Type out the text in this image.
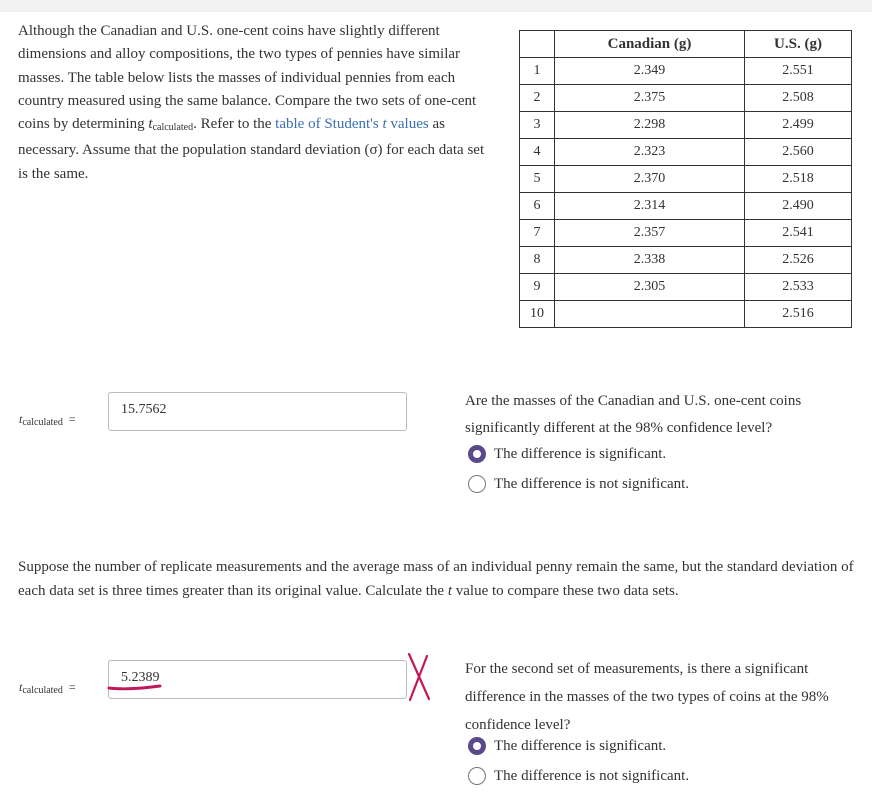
Although the Canadian and U.S. one-cent coins have slightly different dimensions and alloy compositions, the two types of pennies have similar masses. The table below lists the masses of individual pennies from each country measured using the same balance. Compare the two sets of one-cent coins by determining $t_{calculated}$. Refer to the table of Student's t values as necessary. Assume that the population standard deviation (σ) for each data set is the same.
	Canadian (g)	U.S. (g)
1	2.349	2.551
2	2.375	2.508
3	2.298	2.499
4	2.323	2.560
5	2.370	2.518
6	2.314	2.490
7	2.357	2.541
8	2.338	2.526
9	2.305	2.533
10		2.516
$t_{calculated}$ =
15.7562
Are the masses of the Canadian and U.S. one-cent coins significantly different at the 98% confidence level?
The difference is significant.
The difference is not significant.
Suppose the number of replicate measurements and the average mass of an individual penny remain the same, but the standard deviation of each data set is three times greater than its original value. Calculate the t value to compare these two data sets.
$t_{calculated}$ =
5.2389
For the second set of measurements, is there a significant difference in the masses of the two types of coins at the 98% confidence level?
The difference is significant.
The difference is not significant.
